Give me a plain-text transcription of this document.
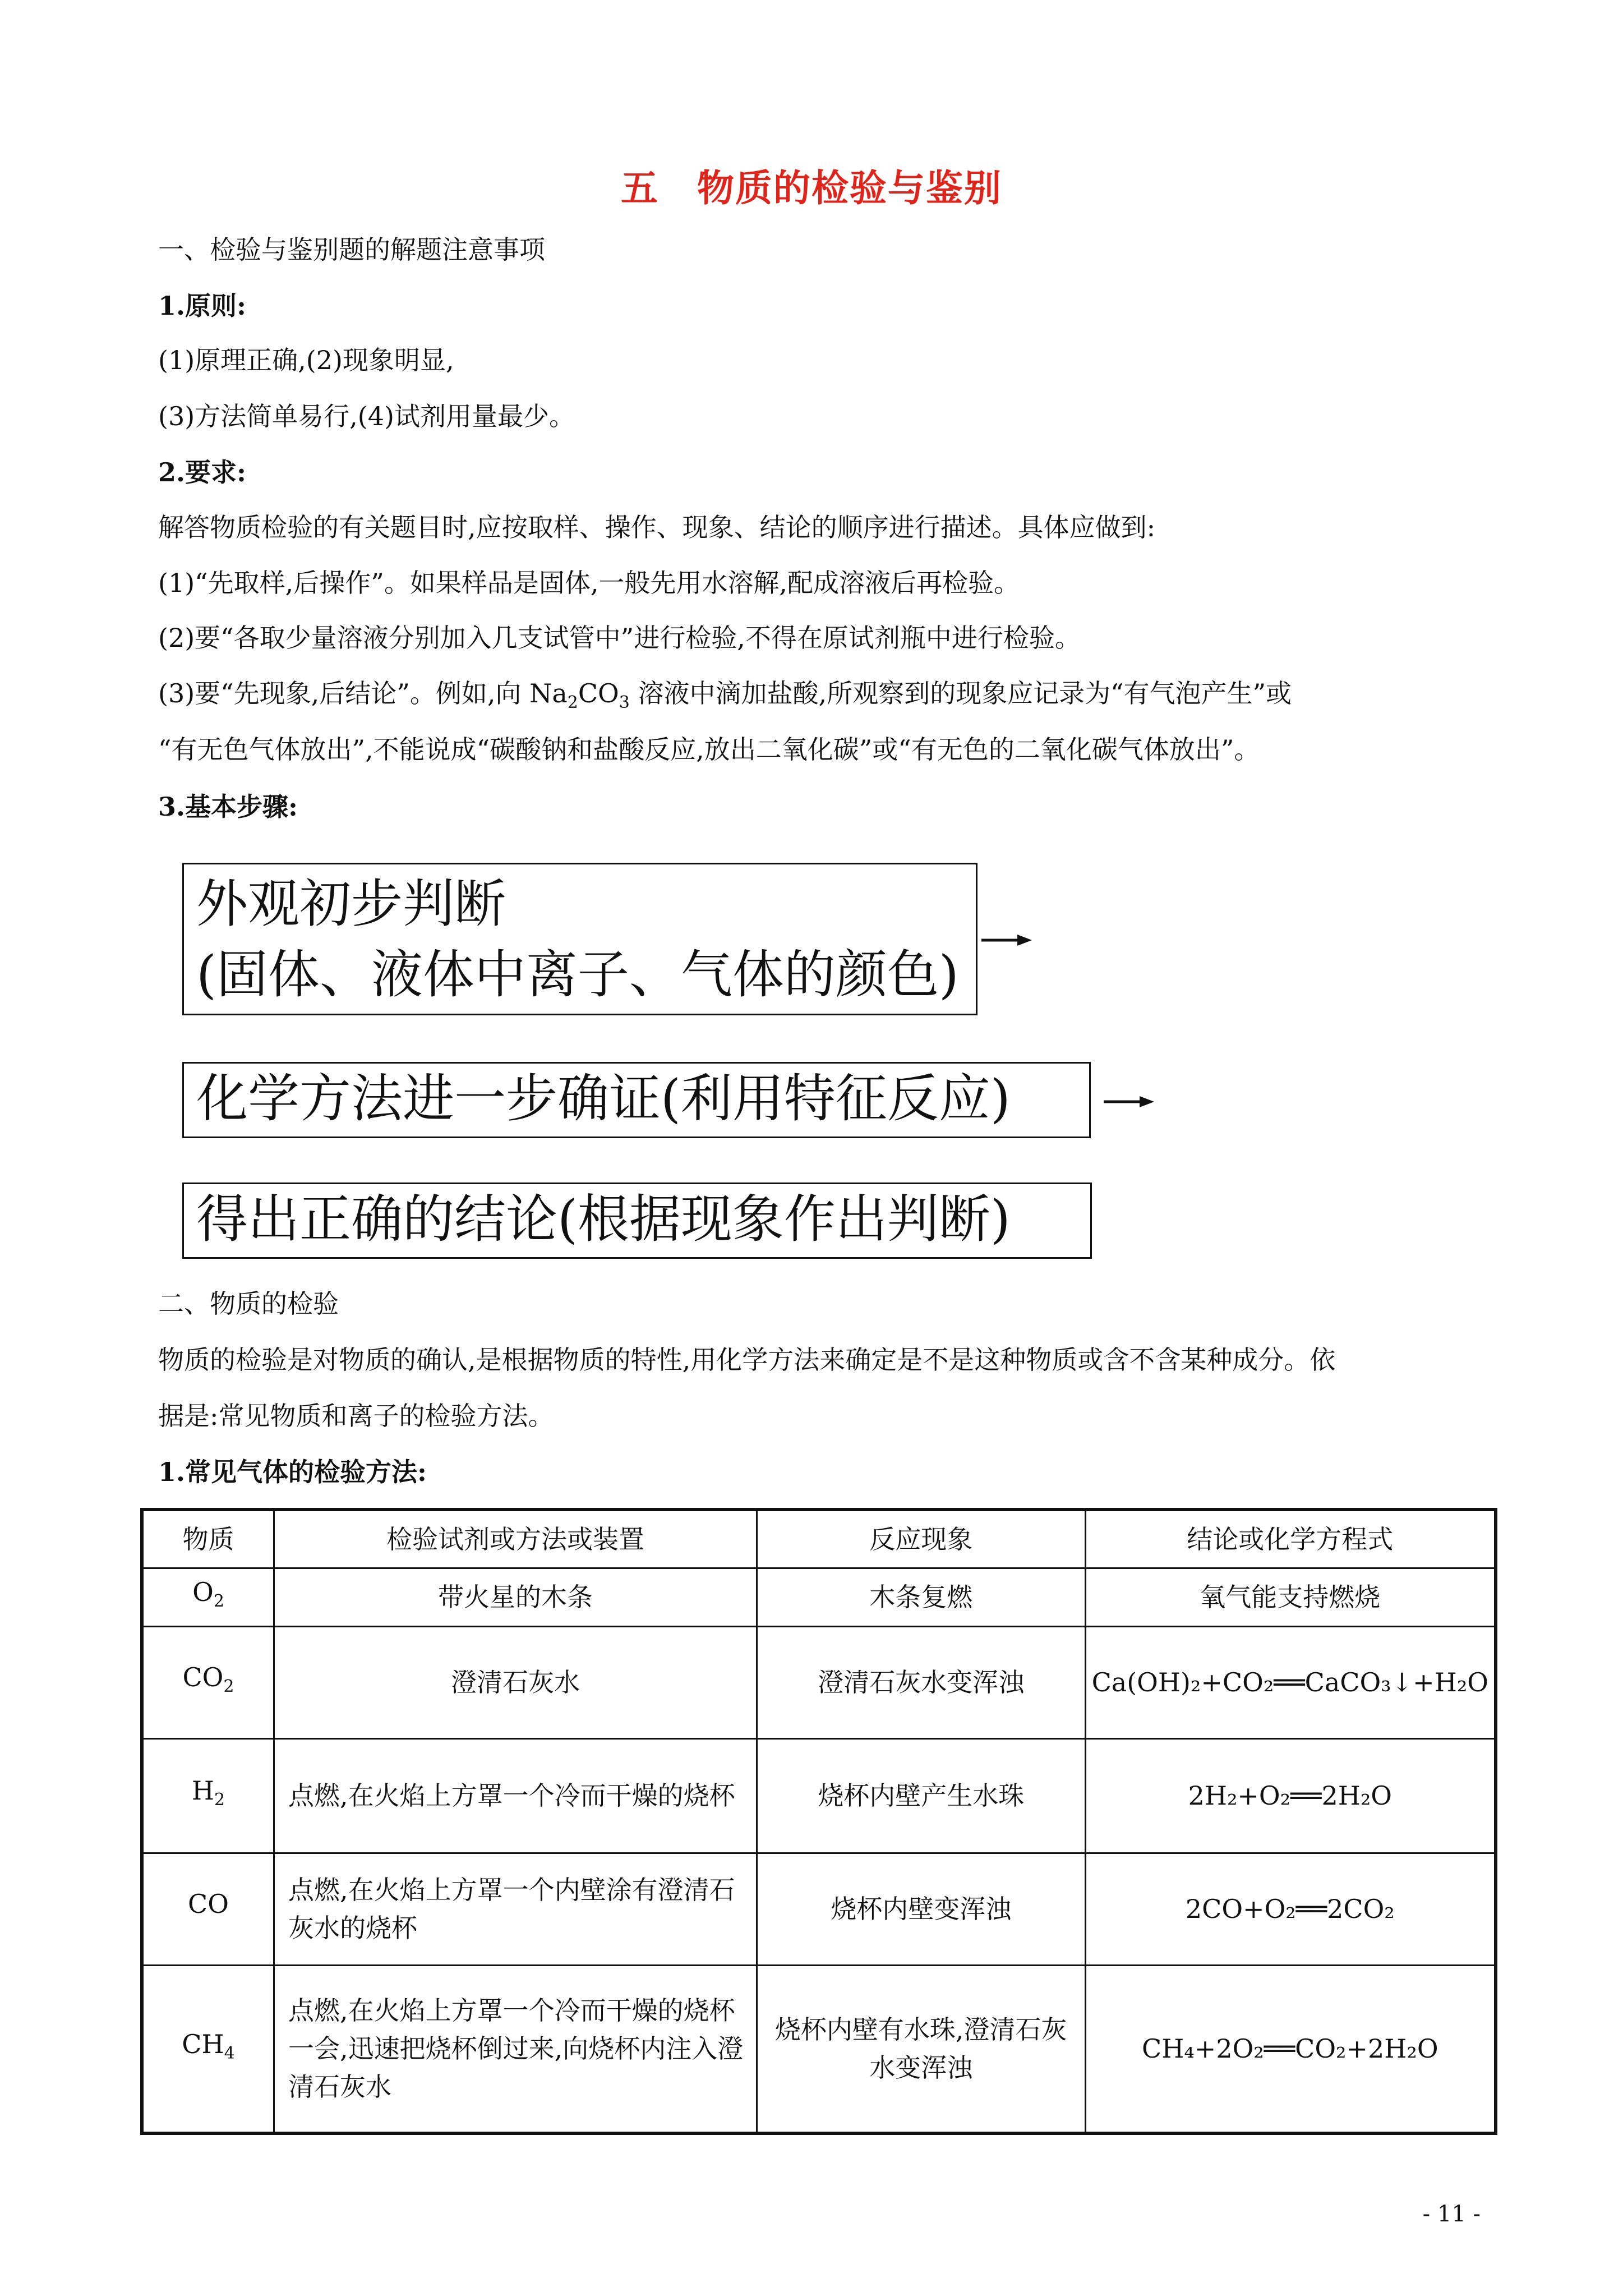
五　物质的检验与鉴别
一、检验与鉴别题的解题注意事项
1.原则:
(1)原理正确,(2)现象明显,
(3)方法简单易行,(4)试剂用量最少。
2.要求:
解答物质检验的有关题目时,应按取样、操作、现象、结论的顺序进行描述。具体应做到:
(1)“先取样,后操作”。如果样品是固体,一般先用水溶解,配成溶液后再检验。
(2)要“各取少量溶液分别加入几支试管中”进行检验,不得在原试剂瓶中进行检验。
(3)要“先现象,后结论”。例如,向 $Na_2CO_3$ 溶液中滴加盐酸,所观察到的现象应记录为“有气泡产生”或
“有无色气体放出”,不能说成“碳酸钠和盐酸反应,放出二氧化碳”或“有无色的二氧化碳气体放出”。
3.基本步骤:
外观初步判断
(固体、液体中离子、气体的颜色)
化学方法进一步确证(利用特征反应)
得出正确的结论(根据现象作出判断)
二、物质的检验
物质的检验是对物质的确认,是根据物质的特性,用化学方法来确定是不是这种物质或含不含某种成分。依
据是:常见物质和离子的检验方法。
1.常见气体的检验方法:
物质	检验试剂或方法或装置	反应现象	结论或化学方程式
$O_2$	带火星的木条	木条复燃	氧气能支持燃烧
$CO_2$	澄清石灰水	澄清石灰水变浑浊	Ca(OH)₂+CO₂══CaCO₃↓+H₂O
$H_2$	点燃,在火焰上方罩一个冷而干燥的烧杯	烧杯内壁产生水珠	2H₂+O₂══2H₂O
CO	点燃,在火焰上方罩一个内壁涂有澄清石灰水的烧杯	烧杯内壁变浑浊	2CO+O₂══2CO₂
$CH_4$	点燃,在火焰上方罩一个冷而干燥的烧杯一会,迅速把烧杯倒过来,向烧杯内注入澄清石灰水	烧杯内壁有水珠,澄清石灰水变浑浊	CH₄+2O₂══CO₂+2H₂O
- 11 -
